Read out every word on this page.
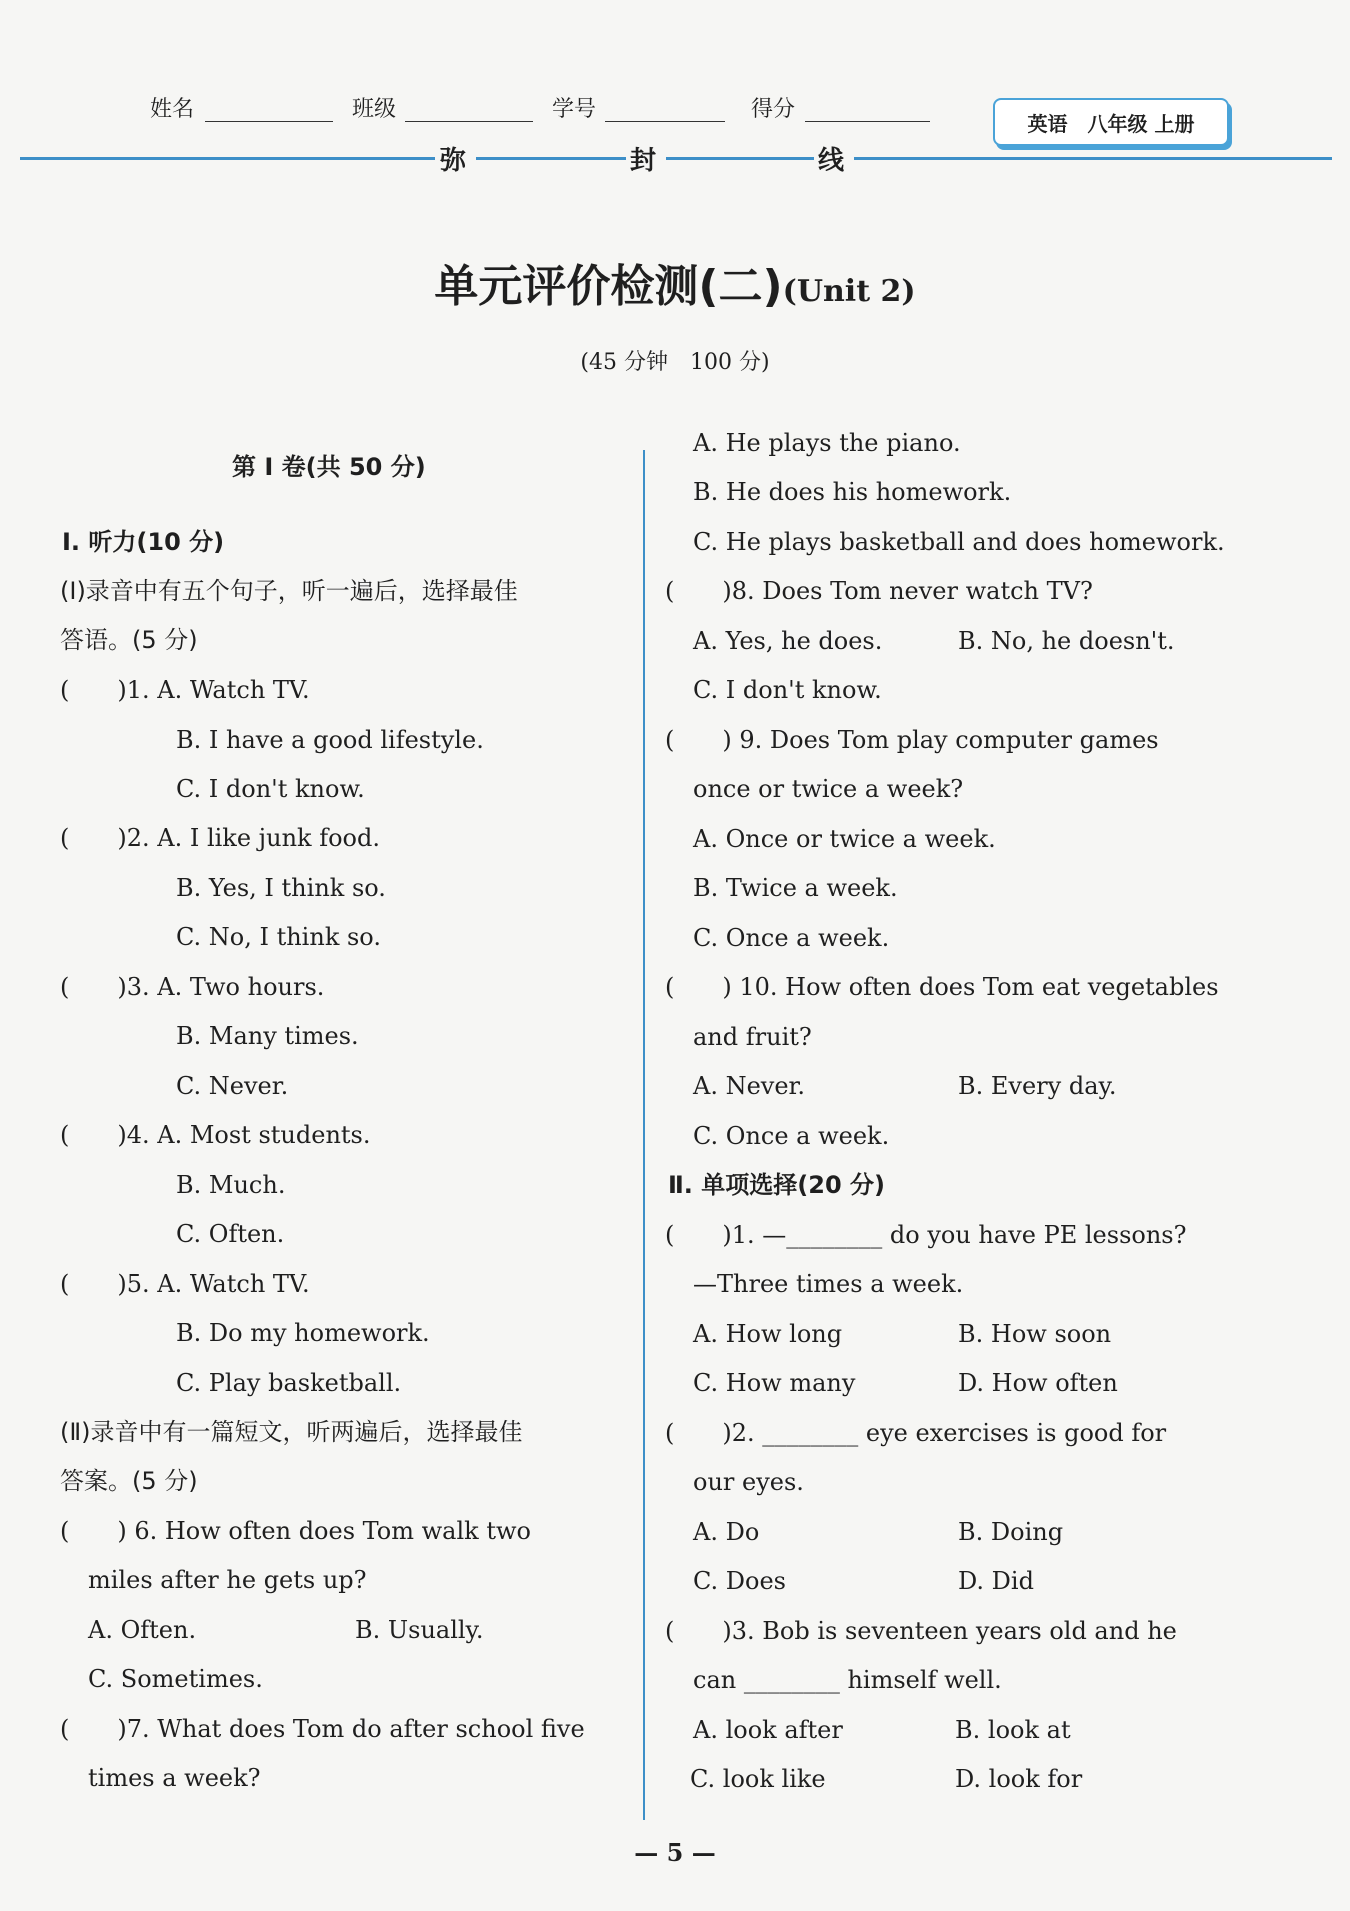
姓名	班级	学号	得分
英语　八年级 上册
弥	封	线
单元评价检测(二)(Unit 2)
(45 分钟　100 分)
第 Ⅰ 卷(共 50 分)
Ⅰ. 听力(10 分)
(Ⅰ)录音中有五个句子，听一遍后，选择最佳
答语。(5 分)
(　　)1. A. Watch TV.
B. I have a good lifestyle.
C. I don't know.
(　　)2. A. I like junk food.
B. Yes, I think so.
C. No, I think so.
(　　)3. A. Two hours.
B. Many times.
C. Never.
(　　)4. A. Most students.
B. Much.
C. Often.
(　　)5. A. Watch TV.
B. Do my homework.
C. Play basketball.
(Ⅱ)录音中有一篇短文，听两遍后，选择最佳
答案。(5 分)
(　　) 6. How often does Tom walk two
miles after he gets up?
A. Often.	B. Usually.
C. Sometimes.
(　　)7. What does Tom do after school five
times a week?
A. He plays the piano.
B. He does his homework.
C. He plays basketball and does homework.
(　　)8. Does Tom never watch TV?
A. Yes, he does.	B. No, he doesn't.
C. I don't know.
(　　) 9. Does Tom play computer games
once or twice a week?
A. Once or twice a week.
B. Twice a week.
C. Once a week.
(　　) 10. How often does Tom eat vegetables
and fruit?
A. Never.	B. Every day.
C. Once a week.
Ⅱ. 单项选择(20 分)
(　　)1. —________ do you have PE lessons?
—Three times a week.
A. How long	B. How soon
C. How many	D. How often
(　　)2. ________ eye exercises is good for
our eyes.
A. Do	B. Doing
C. Does	D. Did
(　　)3. Bob is seventeen years old and he
can ________ himself well.
A. look after	B. look at
C. look like	D. look for
— 5 —
